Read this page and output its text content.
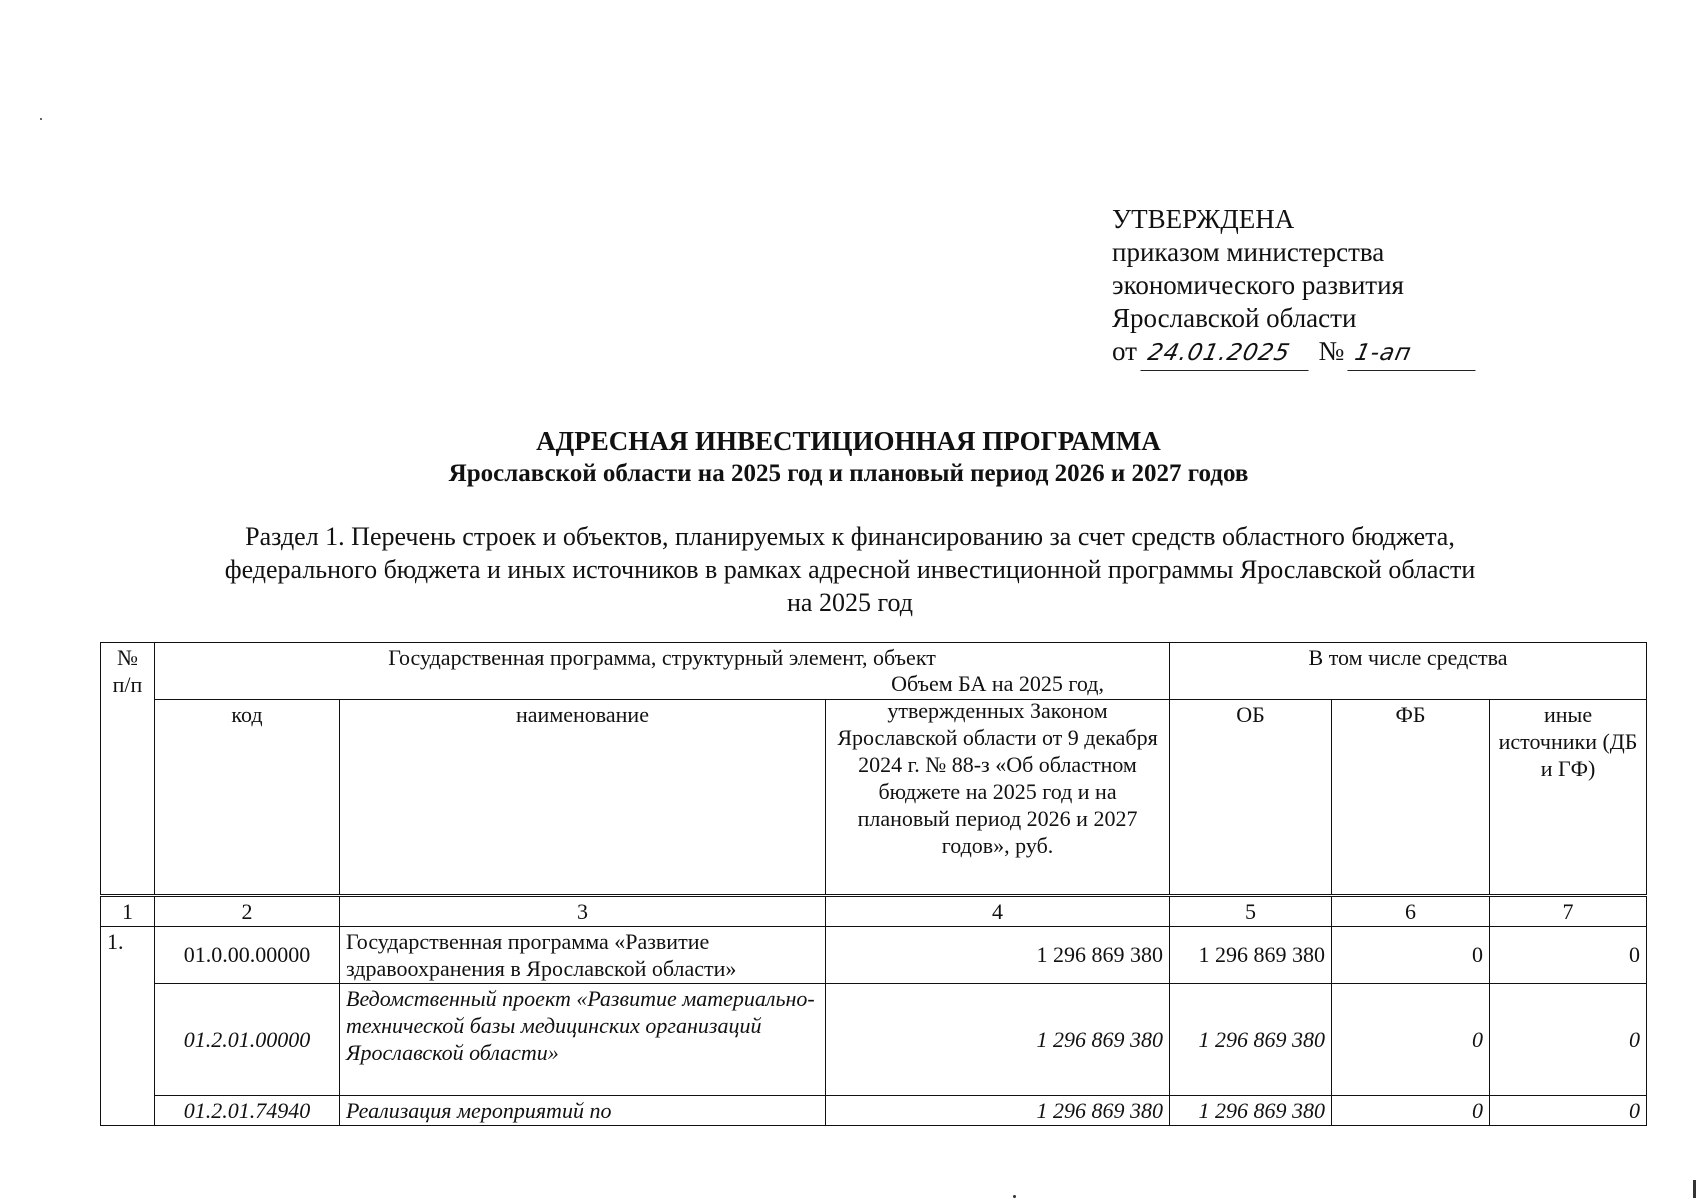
УТВЕРЖДЕНА
приказом министерства
экономического развития
Ярославской области
от 24.01.2025 № 1-ап
АДРЕСНАЯ ИНВЕСТИЦИОННАЯ ПРОГРАММА
Ярославской области на 2025 год и плановый период 2026 и 2027 годов
Раздел 1. Перечень строек и объектов, планируемых к финансированию за счет средств областного бюджета,
федерального бюджета и иных источников в рамках адресной инвестиционной программы Ярославской области
на 2025 год
№ п/п	Государственная программа, структурный элемент, объект			В том числе средства		
	код	наименование	Объем БА на 2025 год, утвержденных Законом Ярославской области от 9 декабря 2024 г. № 88-з «Об областном бюджете на 2025 год и на плановый период 2026 и 2027 годов», руб.	ОБ	ФБ	иные источники (ДБ и ГФ)
1	2	3	4	5	6	7
1.	01.0.00.00000	Государственная программа «Развитие здравоохранения в Ярославской области»	1 296 869 380	1 296 869 380	0	0
	01.2.01.00000	Ведомственный проект «Развитие материально-технической базы медицинских организаций Ярославской области»	1 296 869 380	1 296 869 380	0	0
	01.2.01.74940	Реализация мероприятий по	1 296 869 380	1 296 869 380	0	0
